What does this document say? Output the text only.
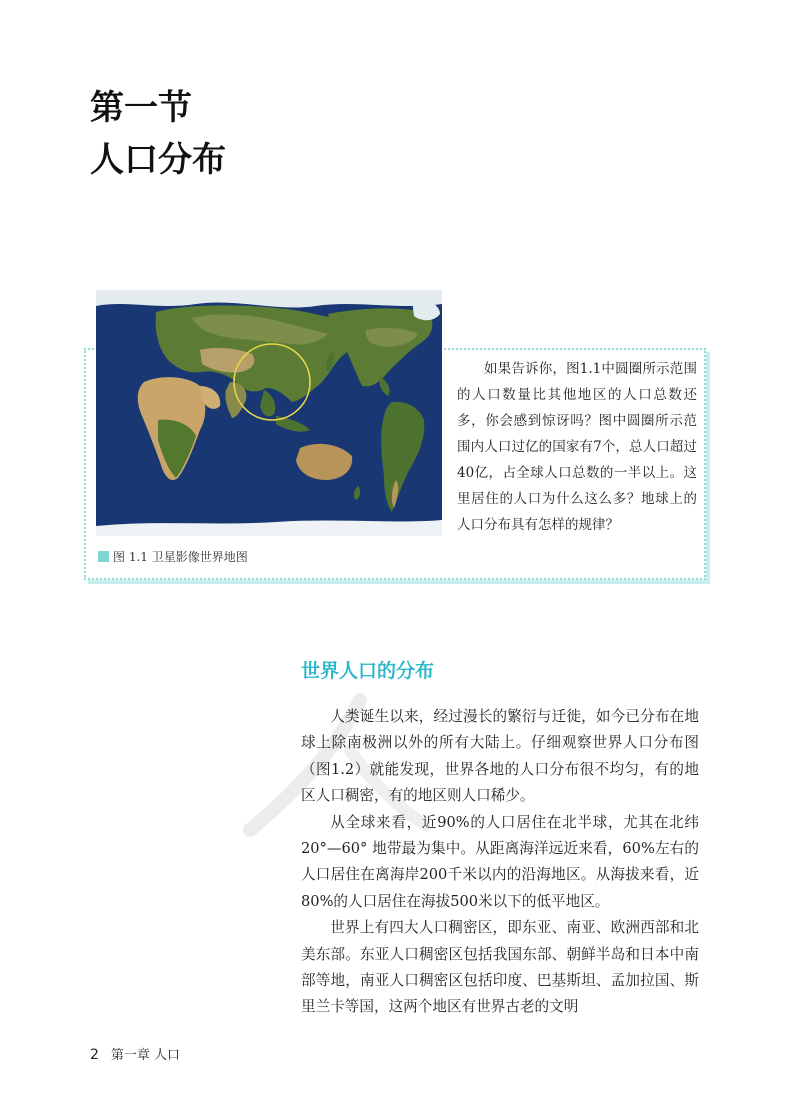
第一节
人口分布
图 1.1 卫星影像世界地图

如果告诉你，图1.1中圆圈所示范围的人口数量比其他地区的人口总数还多，你会感到惊讶吗？图中圆圈所示范围内人口过亿的国家有7个，总人口超过40亿，占全球人口总数的一半以上。这里居住的人口为什么这么多？地球上的人口分布具有怎样的规律？

世界人口的分布

人类诞生以来，经过漫长的繁衍与迁徙，如今已分布在地球上除南极洲以外的所有大陆上。仔细观察世界人口分布图（图1.2）就能发现，世界各地的人口分布很不均匀，有的地区人口稠密，有的地区则人口稀少。

从全球来看，近90%的人口居住在北半球，尤其在北纬20°—60° 地带最为集中。从距离海洋远近来看，60%左右的人口居住在离海岸200千米以内的沿海地区。从海拔来看，近80%的人口居住在海拔500米以下的低平地区。

世界上有四大人口稠密区，即东亚、南亚、欧洲西部和北美东部。东亚人口稠密区包括我国东部、朝鲜半岛和日本中南部等地，南亚人口稠密区包括印度、巴基斯坦、孟加拉国、斯里兰卡等国，这两个地区有世界古老的文明

2 第一章 人口
